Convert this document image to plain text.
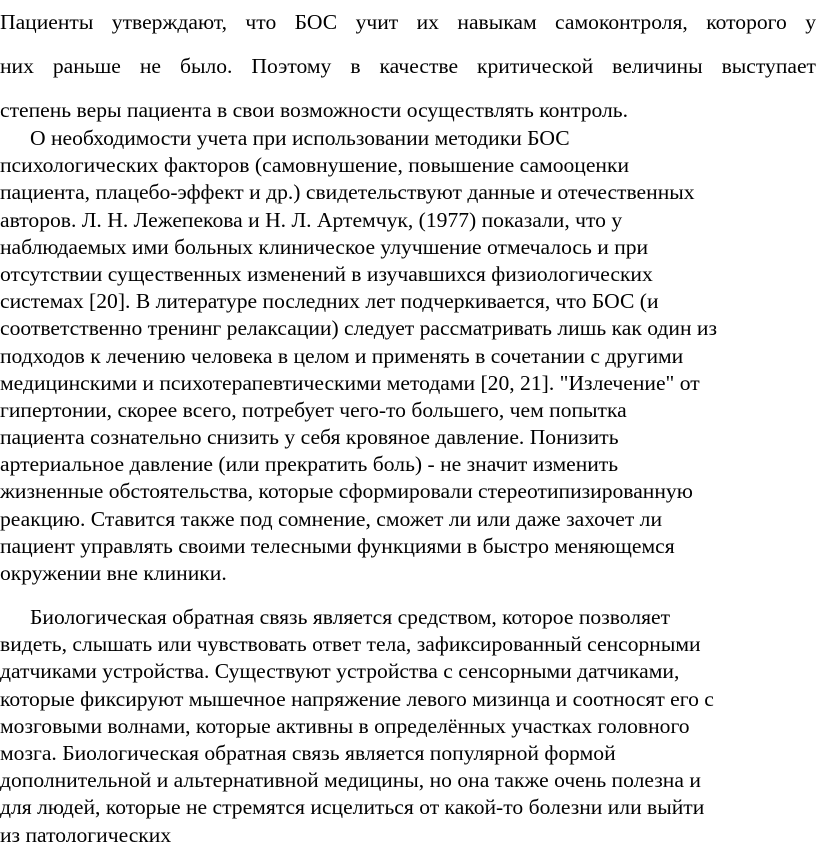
Пациенты утверждают, что БОС учит их навыкам самоконтроля, которого у
них раньше не было. Поэтому в качестве критической величины выступает
степень веры пациента в свои возможности осуществлять контроль.

О необходимости учета при использовании методики БОС
психологических факторов (самовнушение, повышение самооценки
пациента, плацебо-эффект и др.) свидетельствуют данные и отечественных
авторов. Л. Н. Лежепекова и Н. Л. Артемчук, (1977) показали, что у
наблюдаемых ими больных клиническое улучшение отмечалось и при
отсутствии существенных изменений в изучавшихся физиологических
системах [20]. В литературе последних лет подчеркивается, что БОС (и
соответственно тренинг релаксации) следует рассматривать лишь как один из
подходов к лечению человека в целом и применять в сочетании с другими
медицинскими и психотерапевтическими методами [20, 21]. "Излечение" от
гипертонии, скорее всего, потребует чего-то большего, чем попытка
пациента сознательно снизить у себя кровяное давление. Понизить
артериальное давление (или прекратить боль) - не значит изменить
жизненные обстоятельства, которые сформировали стереотипизированную
реакцию. Ставится также под сомнение, сможет ли или даже захочет ли
пациент управлять своими телесными функциями в быстро меняющемся
окружении вне клиники.

Биологическая обратная связь является средством, которое позволяет
видеть, слышать или чувствовать ответ тела, зафиксированный сенсорными
датчиками устройства. Существуют устройства с сенсорными датчиками,
которые фиксируют мышечное напряжение левого мизинца и соотносят его с
мозговыми волнами, которые активны в определённых участках головного
мозга. Биологическая обратная связь является популярной формой
дополнительной и альтернативной медицины, но она также очень полезна и
для людей, которые не стремятся исцелиться от какой-то болезни или выйти
из патологических
